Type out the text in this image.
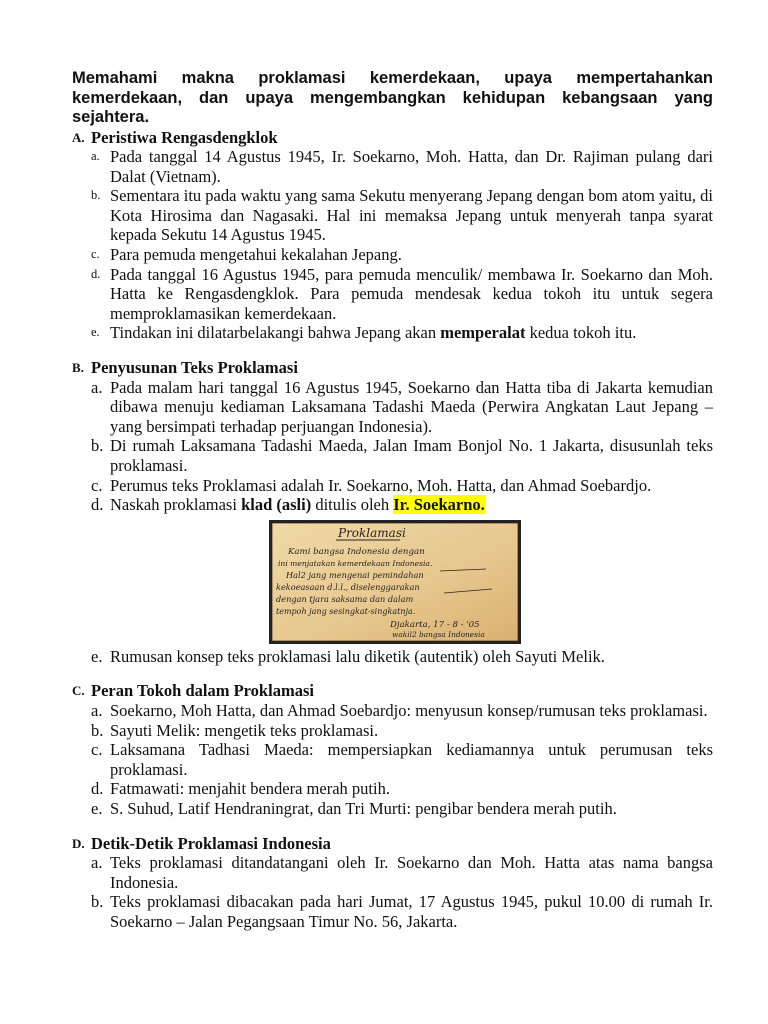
Memahami makna proklamasi kemerdekaan, upaya mempertahankan kemerdekaan, dan upaya mengembangkan kehidupan kebangsaan yang sejahtera.

A. Peristiwa Rengasdengklok
a. Pada tanggal 14 Agustus 1945, Ir. Soekarno, Moh. Hatta, dan Dr. Rajiman pulang dari Dalat (Vietnam).
b. Sementara itu pada waktu yang sama Sekutu menyerang Jepang dengan bom atom yaitu, di Kota Hirosima dan Nagasaki. Hal ini memaksa Jepang untuk menyerah tanpa syarat kepada Sekutu 14 Agustus 1945.
c. Para pemuda mengetahui kekalahan Jepang.
d. Pada tanggal 16 Agustus 1945, para pemuda menculik/ membawa Ir. Soekarno dan Moh. Hatta ke Rengasdengklok. Para pemuda mendesak kedua tokoh itu untuk segera memproklamasikan kemerdekaan.
e. Tindakan ini dilatarbelakangi bahwa Jepang akan memperalat kedua tokoh itu.
B. Penyusunan Teks Proklamasi
a. Pada malam hari tanggal 16 Agustus 1945, Soekarno dan Hatta tiba di Jakarta kemudian dibawa menuju kediaman Laksamana Tadashi Maeda (Perwira Angkatan Laut Jepang – yang bersimpati terhadap perjuangan Indonesia).
b. Di rumah Laksamana Tadashi Maeda, Jalan Imam Bonjol No. 1 Jakarta, disusunlah teks proklamasi.
c. Perumus teks Proklamasi adalah Ir. Soekarno, Moh. Hatta, dan Ahmad Soebardjo.
d. Naskah proklamasi klad (asli) ditulis oleh Ir. Soekarno.
Proklamasi
Kami bangsa Indonesia dengan
ini menjatakan kemerdekaan Indonesia.
Hal2 jang mengenai pemindahan
kekoeasaan d.l.l., diselenggarakan
dengan tjara saksama dan dalam
tempoh jang sesingkat-singkatnja.
Djakarta, 17 - 8 - '05
wakil2 bangsa Indonesia
e. Rumusan konsep teks proklamasi lalu diketik (autentik) oleh Sayuti Melik.
C. Peran Tokoh dalam Proklamasi
a. Soekarno, Moh Hatta, dan Ahmad Soebardjo: menyusun konsep/rumusan teks proklamasi.
b. Sayuti Melik: mengetik teks proklamasi.
c. Laksamana Tadhasi Maeda: mempersiapkan kediamannya untuk perumusan teks proklamasi.
d. Fatmawati: menjahit bendera merah putih.
e. S. Suhud, Latif Hendraningrat, dan Tri Murti: pengibar bendera merah putih.
D. Detik-Detik Proklamasi Indonesia
a. Teks proklamasi ditandatangani oleh Ir. Soekarno dan Moh. Hatta atas nama bangsa Indonesia.
b. Teks proklamasi dibacakan pada hari Jumat, 17 Agustus 1945, pukul 10.00 di rumah Ir. Soekarno – Jalan Pegangsaan Timur No. 56, Jakarta.
